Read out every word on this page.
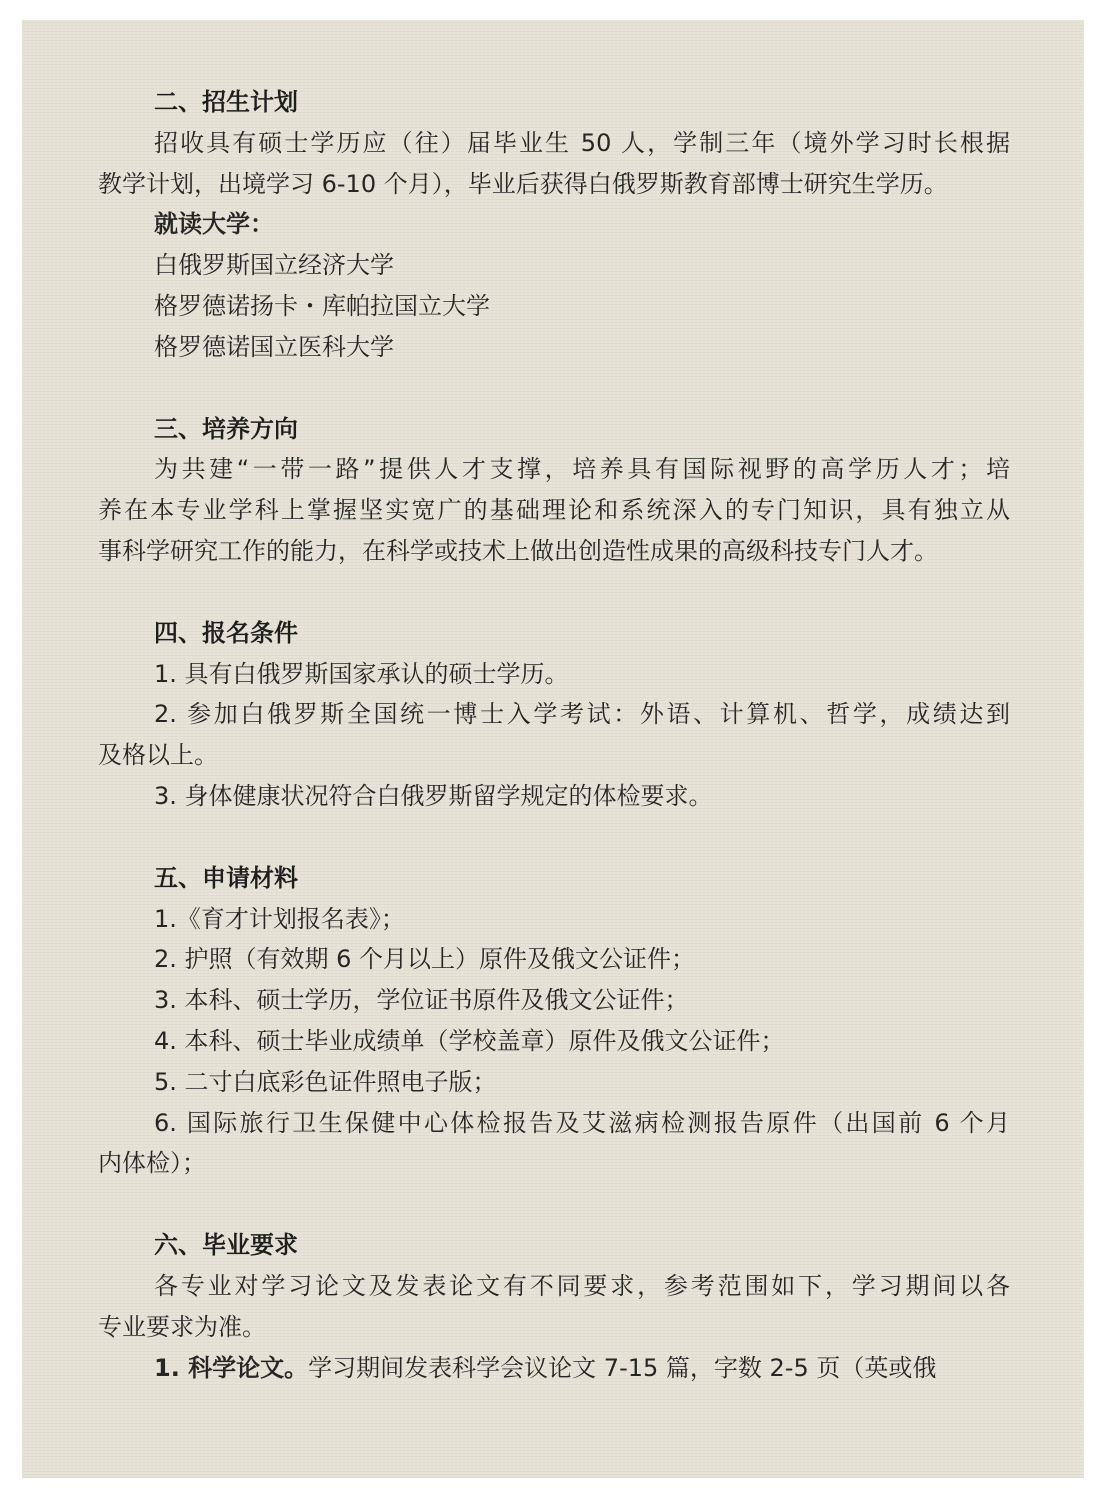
二、招生计划
招收具有硕士学历应（往）届毕业生 50 人，学制三年（境外学习时长根据
教学计划，出境学习 6-10 个月），毕业后获得白俄罗斯教育部博士研究生学历。
就读大学：
白俄罗斯国立经济大学
格罗德诺扬卡・库帕拉国立大学
格罗德诺国立医科大学
三、培养方向
为共建“一带一路”提供人才支撑，培养具有国际视野的高学历人才；培
养在本专业学科上掌握坚实宽广的基础理论和系统深入的专门知识，具有独立从
事科学研究工作的能力，在科学或技术上做出创造性成果的高级科技专门人才。
四、报名条件
1. 具有白俄罗斯国家承认的硕士学历。
2. 参加白俄罗斯全国统一博士入学考试：外语、计算机、哲学，成绩达到
及格以上。
3. 身体健康状况符合白俄罗斯留学规定的体检要求。
五、申请材料
1.《育才计划报名表》；
2. 护照（有效期 6 个月以上）原件及俄文公证件；
3. 本科、硕士学历，学位证书原件及俄文公证件；
4. 本科、硕士毕业成绩单（学校盖章）原件及俄文公证件；
5. 二寸白底彩色证件照电子版；
6. 国际旅行卫生保健中心体检报告及艾滋病检测报告原件（出国前 6 个月
内体检）；
六、毕业要求
各专业对学习论文及发表论文有不同要求，参考范围如下，学习期间以各
专业要求为准。
1. 科学论文。学习期间发表科学会议论文 7-15 篇，字数 2-5 页（英或俄
